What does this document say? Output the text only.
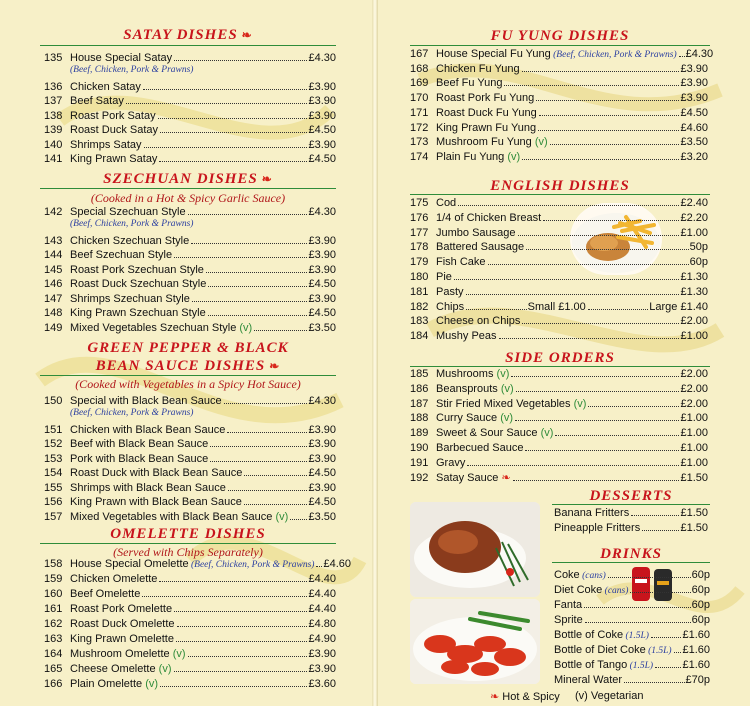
SATAY DISHES ❧
SZECHUAN DISHES ❧
(Cooked in a Hot & Spicy Garlic Sauce)
GREEN PEPPER & BLACK
BEAN SAUCE DISHES ❧
(Cooked with Vegetables in a Spicy Hot Sauce)
OMELETTE DISHES
(Served with Chips Separately)
FU YUNG DISHES
ENGLISH DISHES
SIDE ORDERS
DESSERTS
DRINKS
❧ Hot & Spicy (v) Vegetarian
135 House Special Satay	£4.30
(Beef, Chicken, Pork & Prawns)
136 Chicken Satay	£3.90
137 Beef Satay	£3.90
138 Roast Pork Satay	£3.90
139 Roast Duck Satay	£4.50
140 Shrimps Satay	£3.90
141 King Prawn Satay	£4.50
142 Special Szechuan Style	£4.30
(Beef, Chicken, Pork & Prawns)
143 Chicken Szechuan Style	£3.90
144 Beef Szechuan Style	£3.90
145 Roast Pork Szechuan Style	£3.90
146 Roast Duck Szechuan Style	£4.50
147 Shrimps Szechuan Style	£3.90
148 King Prawn Szechuan Style	£4.50
149 Mixed Vegetables Szechuan Style (v)	£3.50
150 Special with Black Bean Sauce	£4.30
(Beef, Chicken, Pork & Prawns)
151 Chicken with Black Bean Sauce	£3.90
152 Beef with Black Bean Sauce	£3.90
153 Pork with Black Bean Sauce	£3.90
154 Roast Duck with Black Bean Sauce	£4.50
155 Shrimps with Black Bean Sauce	£3.90
156 King Prawn with Black Bean Sauce	£4.50
157 Mixed Vegetables with Black Bean Sauce (v) £3.50
158 House Special Omelette (Beef, Chicken, Pork & Prawns) £4.60
159 Chicken Omelette	£4.40
160 Beef Omelette	£4.40
161 Roast Pork Omelette	£4.40
162 Roast Duck Omelette	£4.80
163 King Prawn Omelette	£4.90
164 Mushroom Omelette (v)	£3.90
165 Cheese Omelette (v)	£3.90
166 Plain Omelette (v)	£3.60
167 House Special Fu Yung (Beef, Chicken, Pork & Prawns) £4.30
168 Chicken Fu Yung	£3.90
169 Beef Fu Yung	£3.90
170 Roast Pork Fu Yung	£3.90
171 Roast Duck Fu Yung	£4.50
172 King Prawn Fu Yung	£4.60
173 Mushroom Fu Yung (v)	£3.50
174 Plain Fu Yung (v)	£3.20
175 Cod	£2.40
176 1/4 of Chicken Breast	£2.20
177 Jumbo Sausage	£1.00
178 Battered Sausage	50p
179 Fish Cake	60p
180 Pie	£1.30
181 Pasty	£1.30
182 Chips	Small £1.00	Large £1.40
183 Cheese on Chips	£2.00
184 Mushy Peas	£1.00
185 Mushrooms (v)	£2.00
186 Beansprouts (v)	£2.00
187 Stir Fried Mixed Vegetables (v)	£2.00
188 Curry Sauce (v)	£1.00
189 Sweet & Sour Sauce (v)	£1.00
190 Barbecued Sauce	£1.00
191 Gravy	£1.00
192 Satay Sauce ❧	£1.50
Banana Fritters	£1.50
Pineapple Fritters	£1.50
Coke (cans)	60p
Diet Coke (cans)	60p
Fanta	60p
Sprite	60p
Bottle of Coke (1.5L)	£1.60
Bottle of Diet Coke (1.5L) £1.60
Bottle of Tango (1.5L)	£1.60
Mineral Water	£70p
